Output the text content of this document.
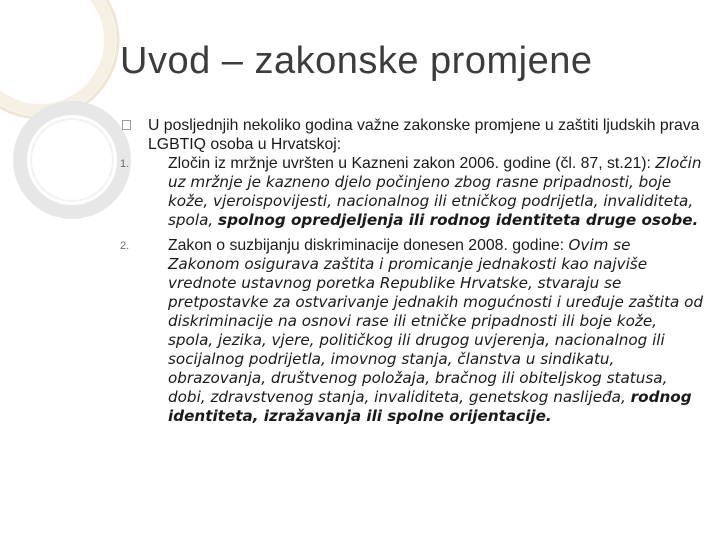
Uvod – zakonske promjene
U posljednjih nekoliko godina važne zakonske promjene u zaštiti ljudskih prava LGBTIQ osoba u Hrvatskoj:
1. Zločin iz mržnje uvršten u Kazneni zakon 2006. godine (čl. 87, st.21): Zločin uz mržnje je kazneno djelo počinjeno zbog rasne pripadnosti, boje kože, vjeroispovijesti, nacionalnog ili etničkog podrijetla, invaliditeta, spola, spolnog opredjeljenja ili rodnog identiteta druge osobe.
2. Zakon o suzbijanju diskriminacije donesen 2008. godine: Ovim se Zakonom osigurava zaštita i promicanje jednakosti kao najviše vrednote ustavnog poretka Republike Hrvatske, stvaraju se pretpostavke za ostvarivanje jednakih mogućnosti i uređuje zaštita od diskriminacije na osnovi rase ili etničke pripadnosti ili boje kože, spola, jezika, vjere, političkog ili drugog uvjerenja, nacionalnog ili socijalnog podrijetla, imovnog stanja, članstva u sindikatu, obrazovanja, društvenog položaja, bračnog ili obiteljskog statusa, dobi, zdravstvenog stanja, invaliditeta, genetskog naslijeđa, rodnog identiteta, izražavanja ili spolne orijentacije.
